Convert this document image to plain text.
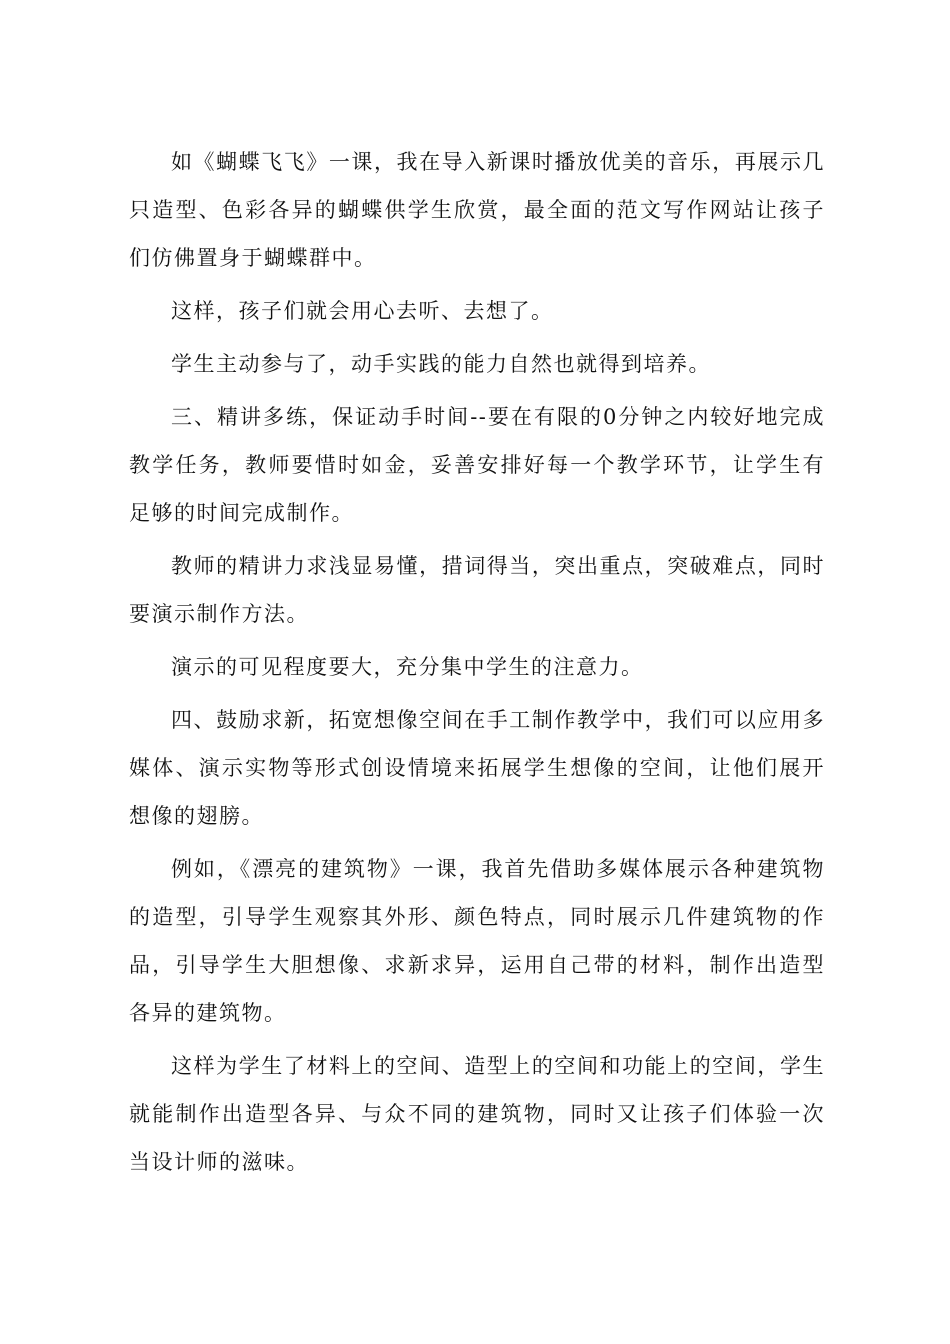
如《蝴蝶飞飞》一课，我在导入新课时播放优美的音乐，再展示几只造型、色彩各异的蝴蝶供学生欣赏，最全面的范文写作网站让孩子们仿佛置身于蝴蝶群中。

这样，孩子们就会用心去听、去想了。

学生主动参与了，动手实践的能力自然也就得到培养。

三、精讲多练，保证动手时间--要在有限的0分钟之内较好地完成教学任务，教师要惜时如金，妥善安排好每一个教学环节，让学生有足够的时间完成制作。

教师的精讲力求浅显易懂，措词得当，突出重点，突破难点，同时要演示制作方法。

演示的可见程度要大，充分集中学生的注意力。

四、鼓励求新，拓宽想像空间在手工制作教学中，我们可以应用多媒体、演示实物等形式创设情境来拓展学生想像的空间，让他们展开想像的翅膀。

例如，《漂亮的建筑物》一课，我首先借助多媒体展示各种建筑物的造型，引导学生观察其外形、颜色特点，同时展示几件建筑物的作品，引导学生大胆想像、求新求异，运用自己带的材料，制作出造型各异的建筑物。

这样为学生了材料上的空间、造型上的空间和功能上的空间，学生就能制作出造型各异、与众不同的建筑物，同时又让孩子们体验一次当设计师的滋味。
